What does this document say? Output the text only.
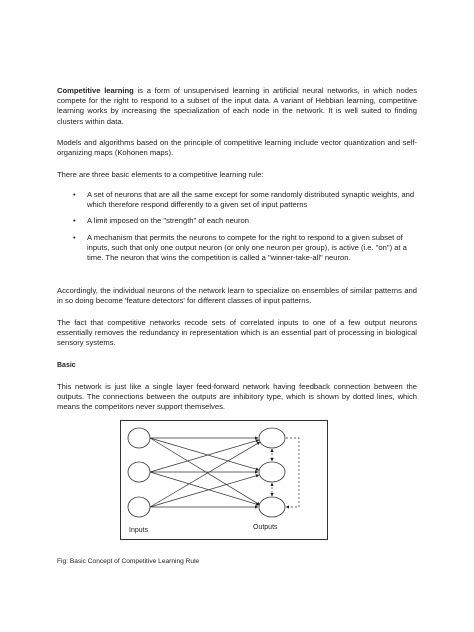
Competitive learning is a form of unsupervised learning in artificial neural networks, in which nodes compete for the right to respond to a subset of the input data. A variant of Hebbian learning, competitive learning works by increasing the specialization of each node in the network. It is well suited to finding clusters within data.

Models and algorithms based on the principle of competitive learning include vector quantization and self-organizing maps (Kohonen maps).

There are three basic elements to a competitive learning rule:

• A set of neurons that are all the same except for some randomly distributed synaptic weights, and which therefore respond differently to a given set of input patterns
• A limit imposed on the "strength" of each neuron
• A mechanism that permits the neurons to compete for the right to respond to a given subset of inputs, such that only one output neuron (or only one neuron per group), is active (i.e. "on") at a time. The neuron that wins the competition is called a "winner-take-all" neuron.

Accordingly, the individual neurons of the network learn to specialize on ensembles of similar patterns and in so doing become 'feature detectors' for different classes of input patterns.

The fact that competitive networks recode sets of correlated inputs to one of a few output neurons essentially removes the redundancy in representation which is an essential part of processing in biological sensory systems.

Basic

This network is just like a single layer feed-forward network having feedback connection between the outputs. The connections between the outputs are inhibitory type, which is shown by dotted lines, which means the competitors never support themselves.

Inputs	Outputs
Fig: Basic Concept of Competitive Learning Rule
